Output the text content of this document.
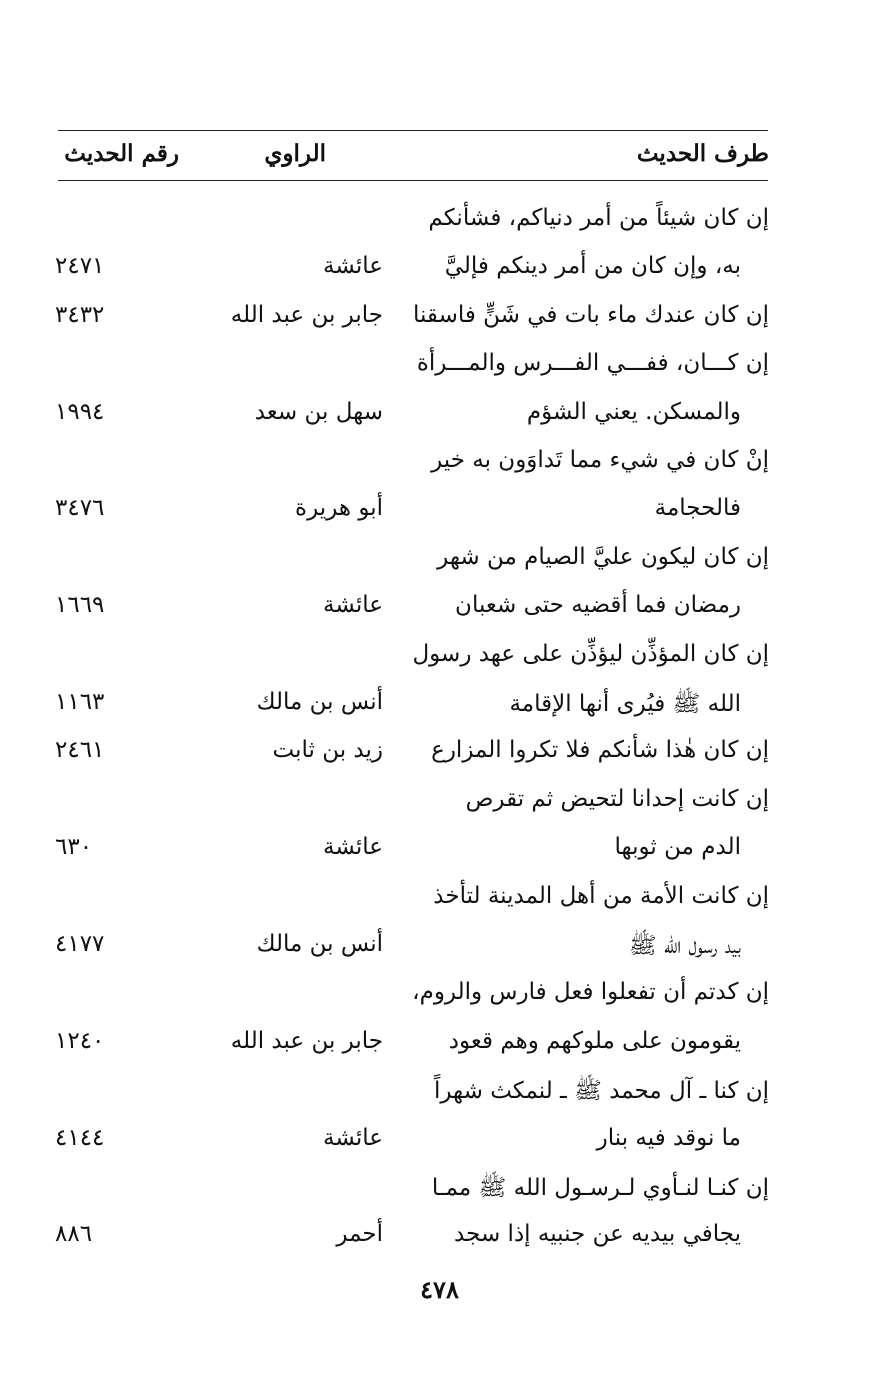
طرف الحديث
الراوي
رقم الحديث
إن كان شيئاً من أمر دنياكم، فشأنكم
به، وإن كان من أمر دينكم فإليَّ
عائشة
٢٤٧١
إن كان عندك ماء بات في شَنٍّ فاسقنا
جابر بن عبد الله
٣٤٣٢
إن كـــان، ففـــي الفـــرس والمـــرأة
والمسكن. يعني الشؤم
سهل بن سعد
١٩٩٤
إنْ كان في شيء مما تَداوَون به خير
فالحجامة
أبو هريرة
٣٤٧٦
إن كان ليكون عليَّ الصيام من شهر
رمضان فما أقضيه حتى شعبان
عائشة
١٦٦٩
إن كان المؤذِّن ليؤذِّن على عهد رسول
الله ﷺ فيُرى أنها الإقامة
أنس بن مالك
١١٦٣
إن كان هٰذا شأنكم فلا تكروا المزارع
زيد بن ثابت
٢٤٦١
إن كانت إحدانا لتحيض ثم تقرص
الدم من ثوبها
عائشة
٦٣٠
إن كانت الأمة من أهل المدينة لتأخذ
بيد رسول الله ﷺ
أنس بن مالك
٤١٧٧
إن كدتم أن تفعلوا فعل فارس والروم،
يقومون على ملوكهم وهم قعود
جابر بن عبد الله
١٢٤٠
إن كنا ـ آل محمد ﷺ ـ لنمكث شهراً
ما نوقد فيه بنار
عائشة
٤١٤٤
إن كنـا لنـأوي لـرسـول الله ﷺ ممـا
يجافي بيديه عن جنبيه إذا سجد
أحمر
٨٨٦
٤٧٨
